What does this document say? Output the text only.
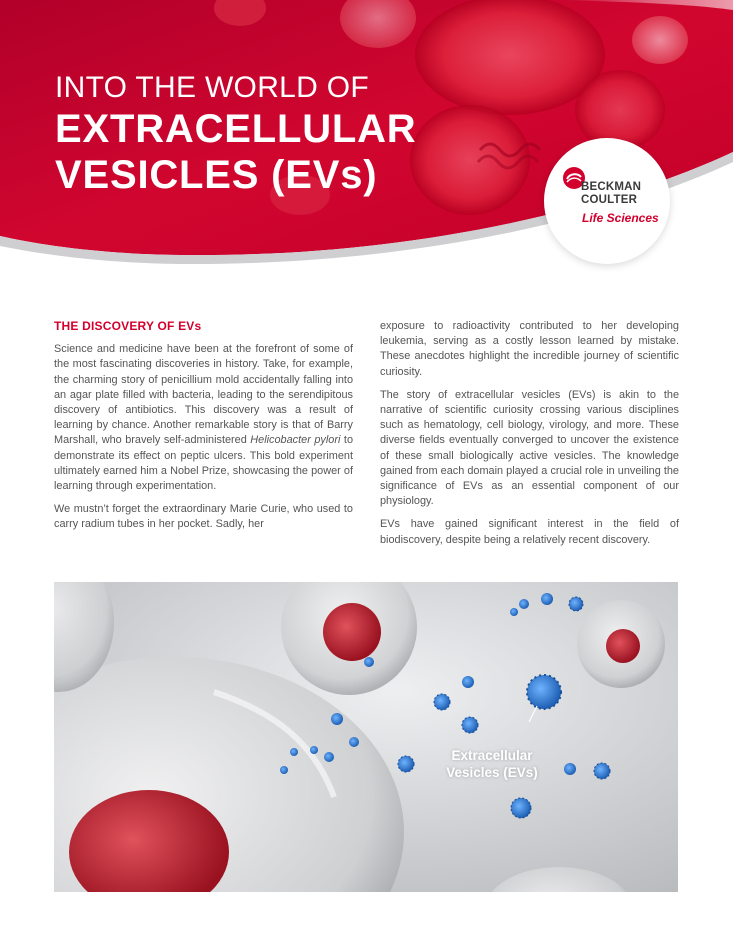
INTO THE WORLD OF
EXTRACELLULAR
VESICLES (EVs)	BECKMAN
COULTER
Life Sciences
THE DISCOVERY OF EVs

Science and medicine have been at the forefront of some of the most fascinating discoveries in history. Take, for example, the charming story of penicillium mold accidentally falling into an agar plate filled with bacteria, leading to the serendipitous discovery of antibiotics. This discovery was a result of learning by chance. Another remarkable story is that of Barry Marshall, who bravely self-administered Helicobacter pylori to demonstrate its effect on peptic ulcers. This bold experiment ultimately earned him a Nobel Prize, showcasing the power of learning through experimentation.

We mustn’t forget the extraordinary Marie Curie, who used to carry radium tubes in her pocket. Sadly, her

exposure to radioactivity contributed to her developing leukemia, serving as a costly lesson learned by mistake. These anecdotes highlight the incredible journey of scientific curiosity.

The story of extracellular vesicles (EVs) is akin to the narrative of scientific curiosity crossing various disciplines such as hematology, cell biology, virology, and more. These diverse fields eventually converged to uncover the existence of these small biologically active vesicles. The knowledge gained from each domain played a crucial role in unveiling the significance of EVs as an essential component of our physiology.

EVs have gained significant interest in the field of biodiscovery, despite being a relatively recent discovery.

Extracellular
Vesicles (EVs)
